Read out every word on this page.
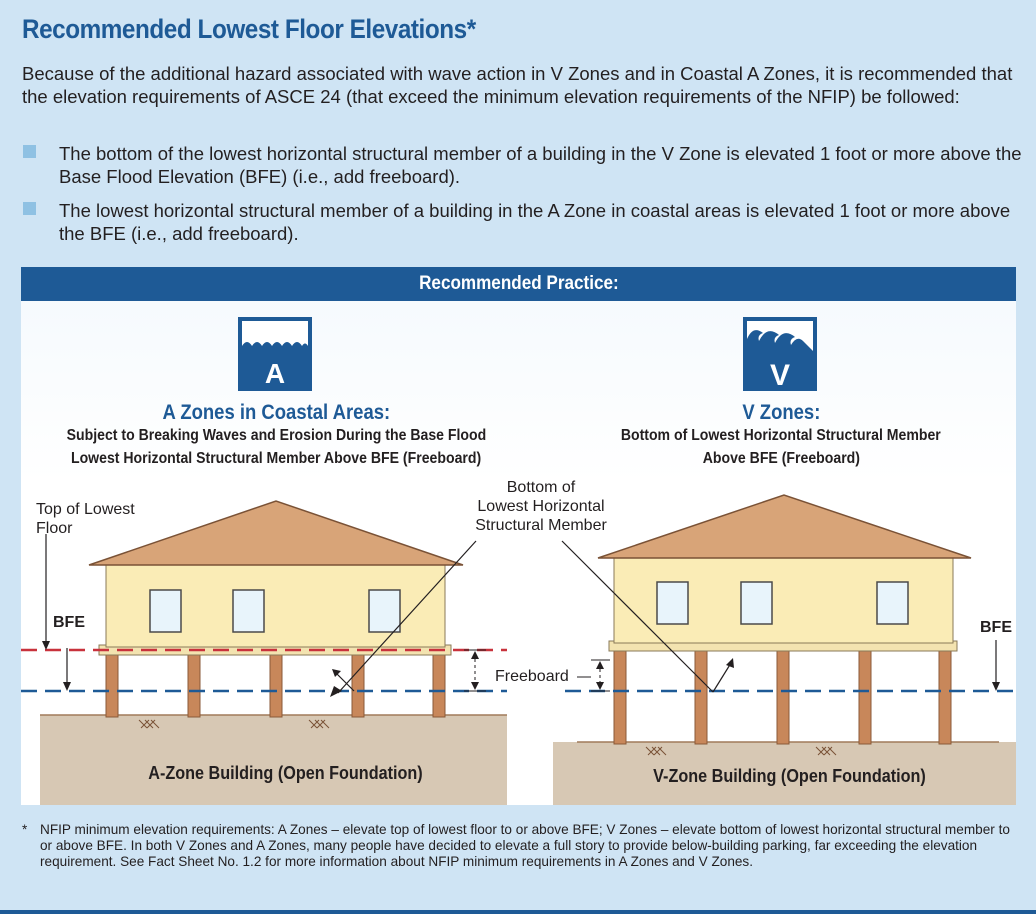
Recommended Lowest Floor Elevations*

Because of the additional hazard associated with wave action in V Zones and in Coastal A Zones, it is recommended that the elevation requirements of ASCE 24 (that exceed the minimum elevation requirements of the NFIP) be followed:

The bottom of the lowest horizontal structural member of a building in the V Zone is elevated 1 foot or more above the Base Flood Elevation (BFE) (i.e., add freeboard).
The lowest horizontal structural member of a building in the A Zone in coastal areas is elevated 1 foot or more above the BFE (i.e., add freeboard).
Recommended Practice:
A	V
A Zones in Coastal Areas:
Subject to Breaking Waves and Erosion During the Base Flood
Lowest Horizontal Structural Member Above BFE (Freeboard)
V Zones:
Bottom of Lowest Horizontal Structural Member
Above BFE (Freeboard)
Top of Lowest
Floor
BFE	BFE
Bottom of
Lowest Horizontal
Structural Member
Freeboard
A-Zone Building (Open Foundation)	V-Zone Building (Open Foundation)
* NFIP minimum elevation requirements: A Zones – elevate top of lowest floor to or above BFE; V Zones – elevate bottom of lowest horizontal structural member to or above BFE. In both V Zones and A Zones, many people have decided to elevate a full story to provide below-building parking, far exceeding the elevation requirement. See Fact Sheet No. 1.2 for more information about NFIP minimum requirements in A Zones and V Zones.
